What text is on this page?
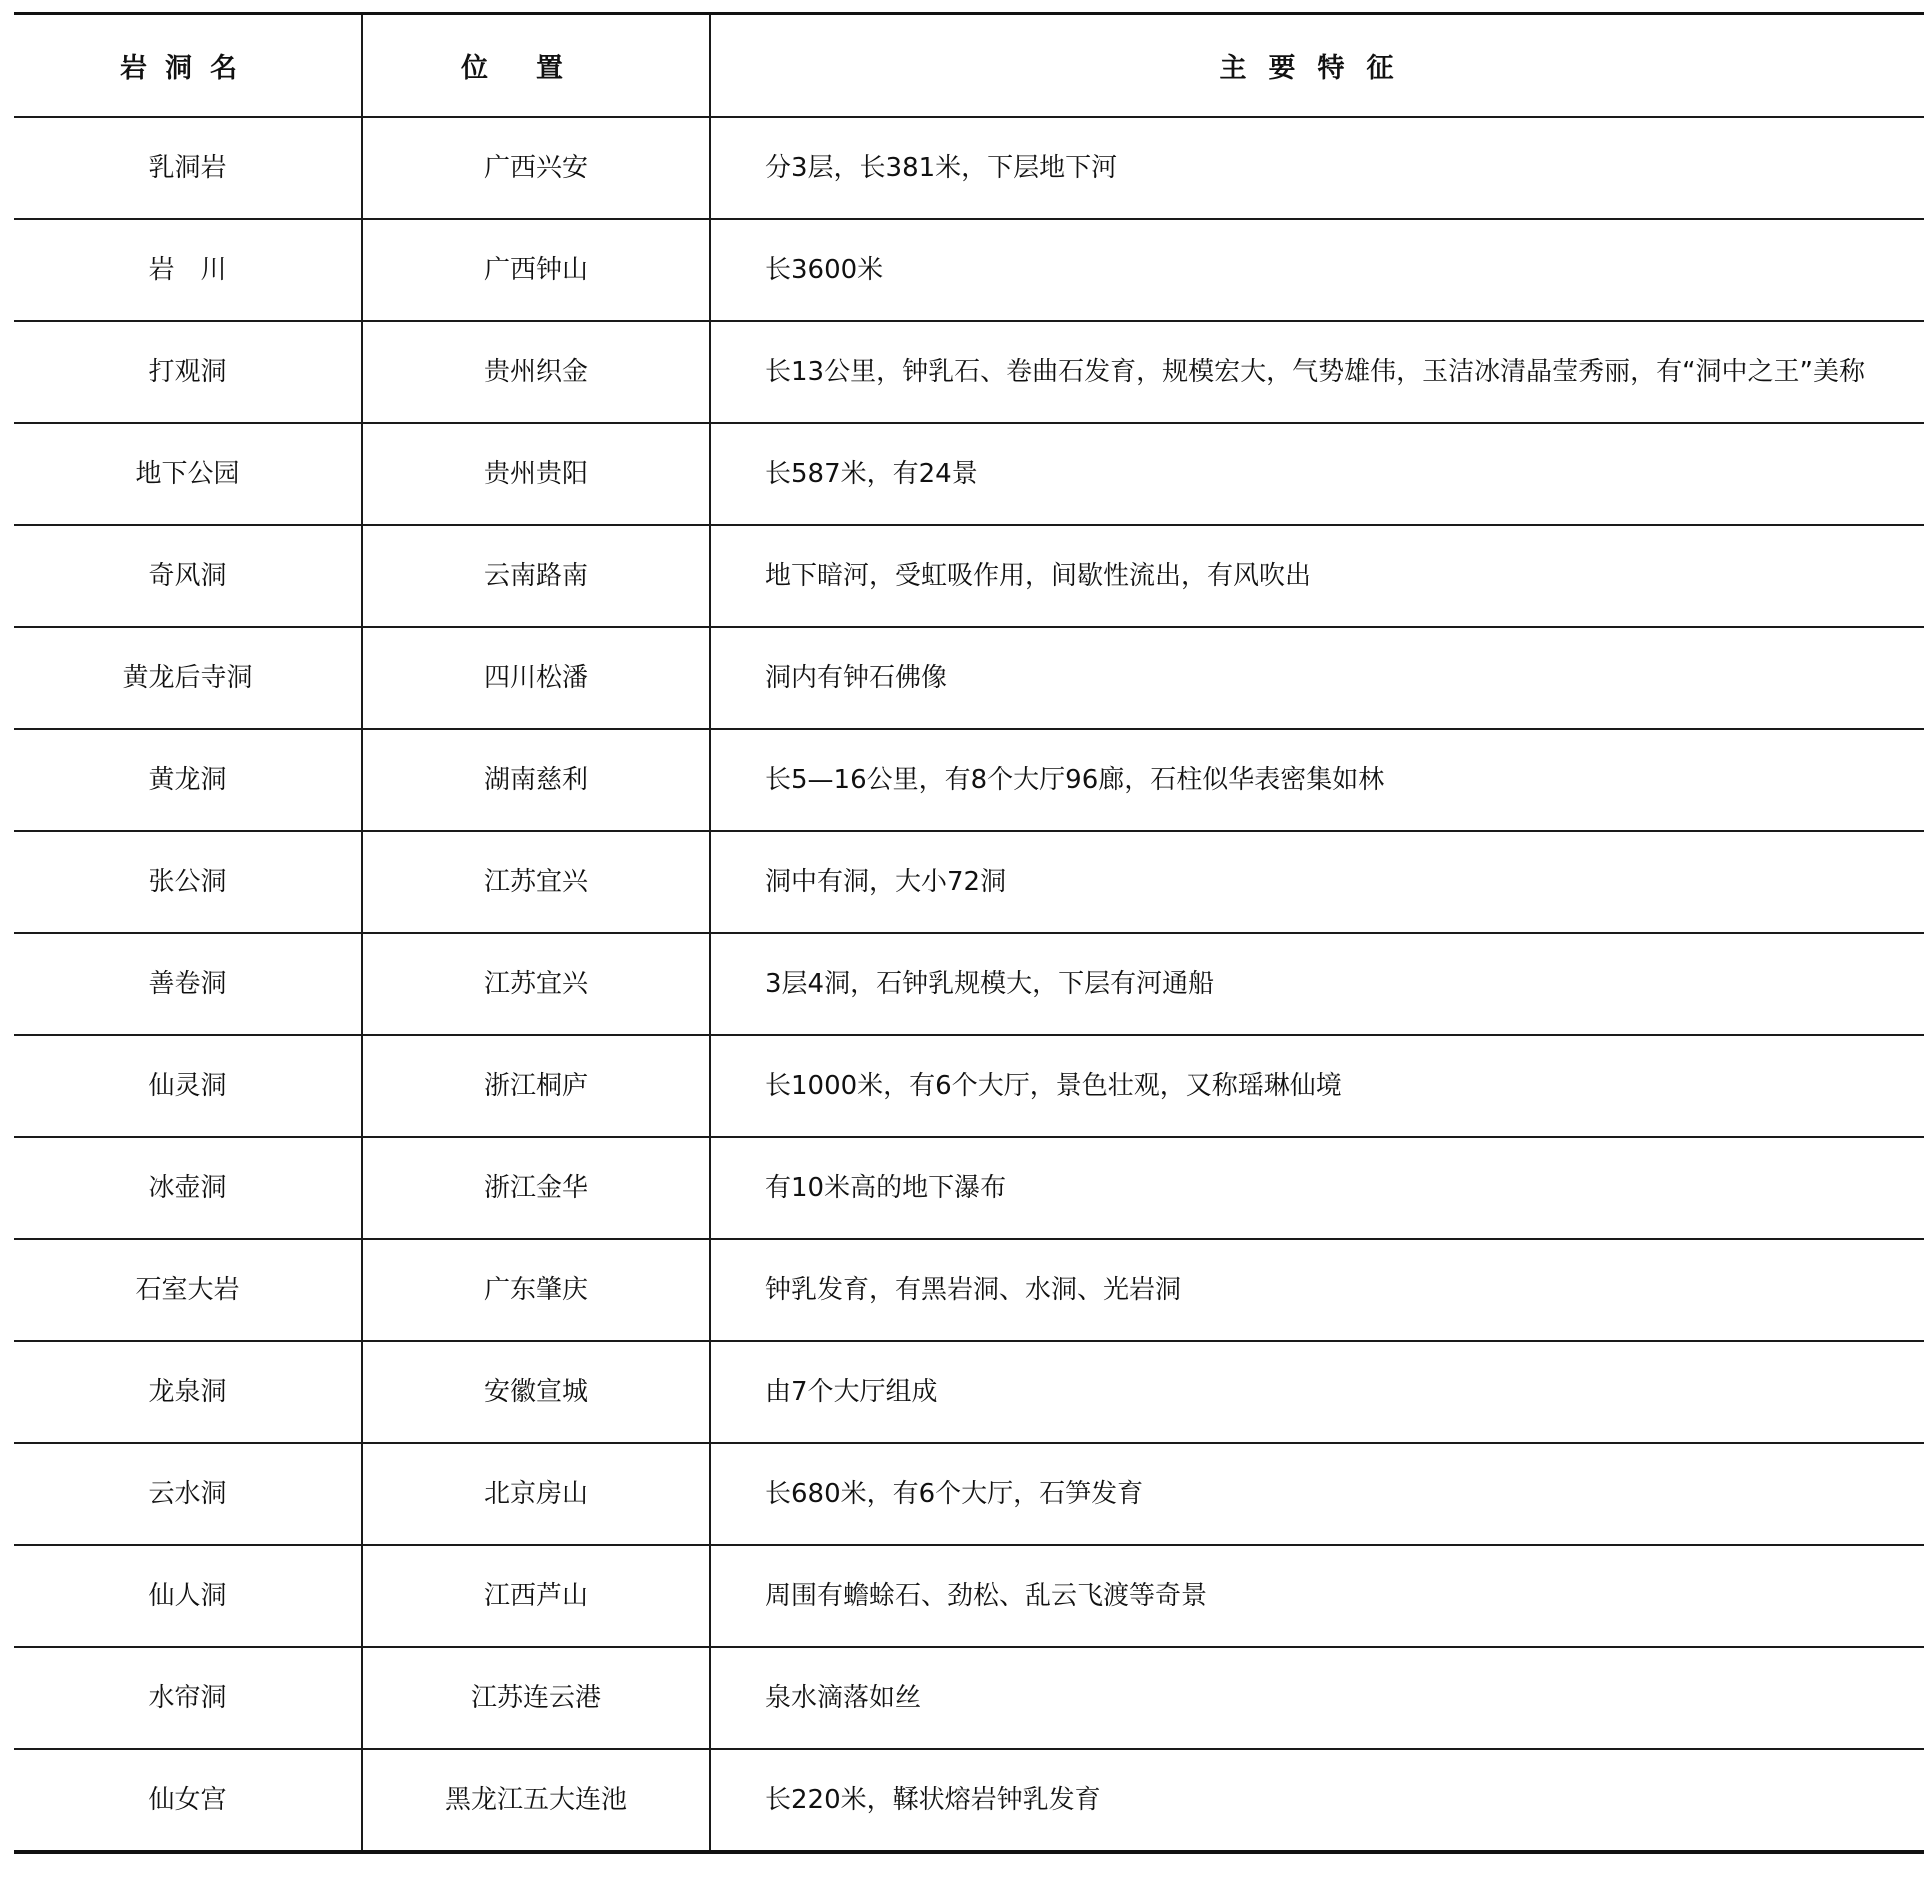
岩洞名	位置	主要特征
乳洞岩	广西兴安	分3层，长381米，下层地下河
岩　川	广西钟山	长3600米
打观洞	贵州织金	长13公里，钟乳石、卷曲石发育，规模宏大，气势雄伟，玉洁冰清晶莹秀丽，有“洞中之王”美称
地下公园	贵州贵阳	长587米，有24景
奇风洞	云南路南	地下暗河，受虹吸作用，间歇性流出，有风吹出
黄龙后寺洞	四川松潘	洞内有钟石佛像
黄龙洞	湖南慈利	长5—16公里，有8个大厅96廊，石柱似华表密集如林
张公洞	江苏宜兴	洞中有洞，大小72洞
善卷洞	江苏宜兴	3层4洞，石钟乳规模大，下层有河通船
仙灵洞	浙江桐庐	长1000米，有6个大厅，景色壮观，又称瑶琳仙境
冰壶洞	浙江金华	有10米高的地下瀑布
石室大岩	广东肇庆	钟乳发育，有黑岩洞、水洞、光岩洞
龙泉洞	安徽宣城	由7个大厅组成
云水洞	北京房山	长680米，有6个大厅，石笋发育
仙人洞	江西芦山	周围有蟾蜍石、劲松、乱云飞渡等奇景
水帘洞	江苏连云港	泉水滴落如丝
仙女宫	黑龙江五大连池	长220米，鞣状熔岩钟乳发育
